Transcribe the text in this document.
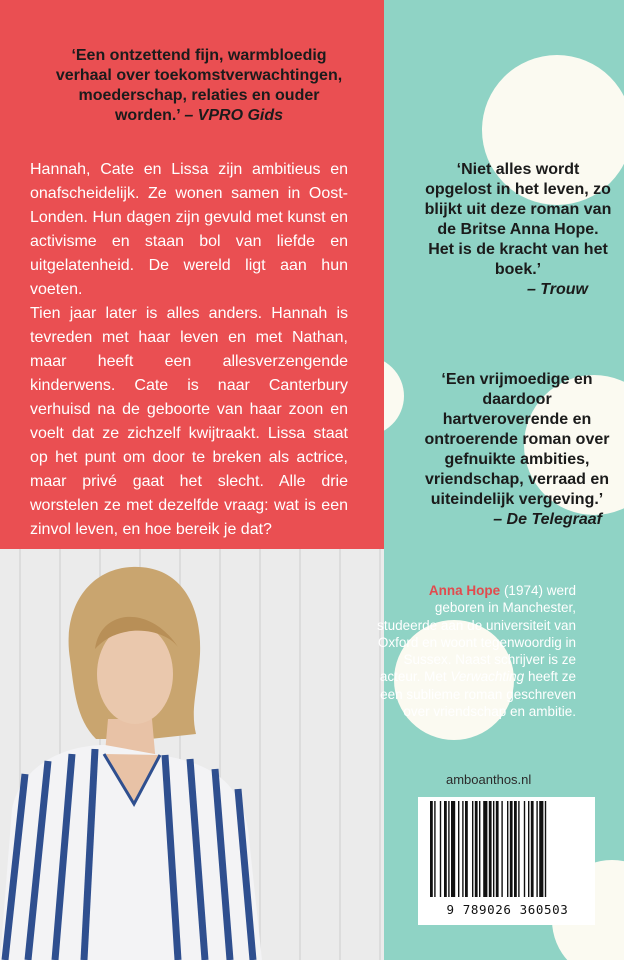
‘Een ontzettend fijn, warmbloedig verhaal over toekomstverwachtingen, moederschap, relaties en ouder worden.’ – VPRO Gids

Hannah, Cate en Lissa zijn ambitieus en onafscheidelijk. Ze wonen samen in Oost-Londen. Hun dagen zijn gevuld met kunst en activisme en staan bol van liefde en uitgelatenheid. De wereld ligt aan hun voeten.

Tien jaar later is alles anders. Hannah is tevreden met haar leven en met Nathan, maar heeft een allesverzengende kinderwens. Cate is naar Canterbury verhuisd na de geboorte van haar zoon en voelt dat ze zichzelf kwijtraakt. Lissa staat op het punt om door te breken als actrice, maar privé gaat het slecht. Alle drie worstelen ze met dezelfde vraag: wat is een zinvol leven, en hoe bereik je dat?

‘Niet alles wordt opgelost in het leven, zo blijkt uit deze roman van de Britse Anna Hope. Het is de kracht van het boek.’
– Trouw

‘Een vrijmoedige en daardoor hartveroverende en ontroerende roman over gefnuikte ambities, vriendschap, verraad en uiteindelijk vergeving.’
– De Telegraaf

Anna Hope (1974) werd geboren in Manchester, studeerde aan de universiteit van Oxford en woont tegenwoordig in Sussex. Naast schrijver is ze acteur. Met Verwachting heeft ze een sublieme roman geschreven over vriendschap en ambitie.

amboanthos.nl
9 789026 360503
